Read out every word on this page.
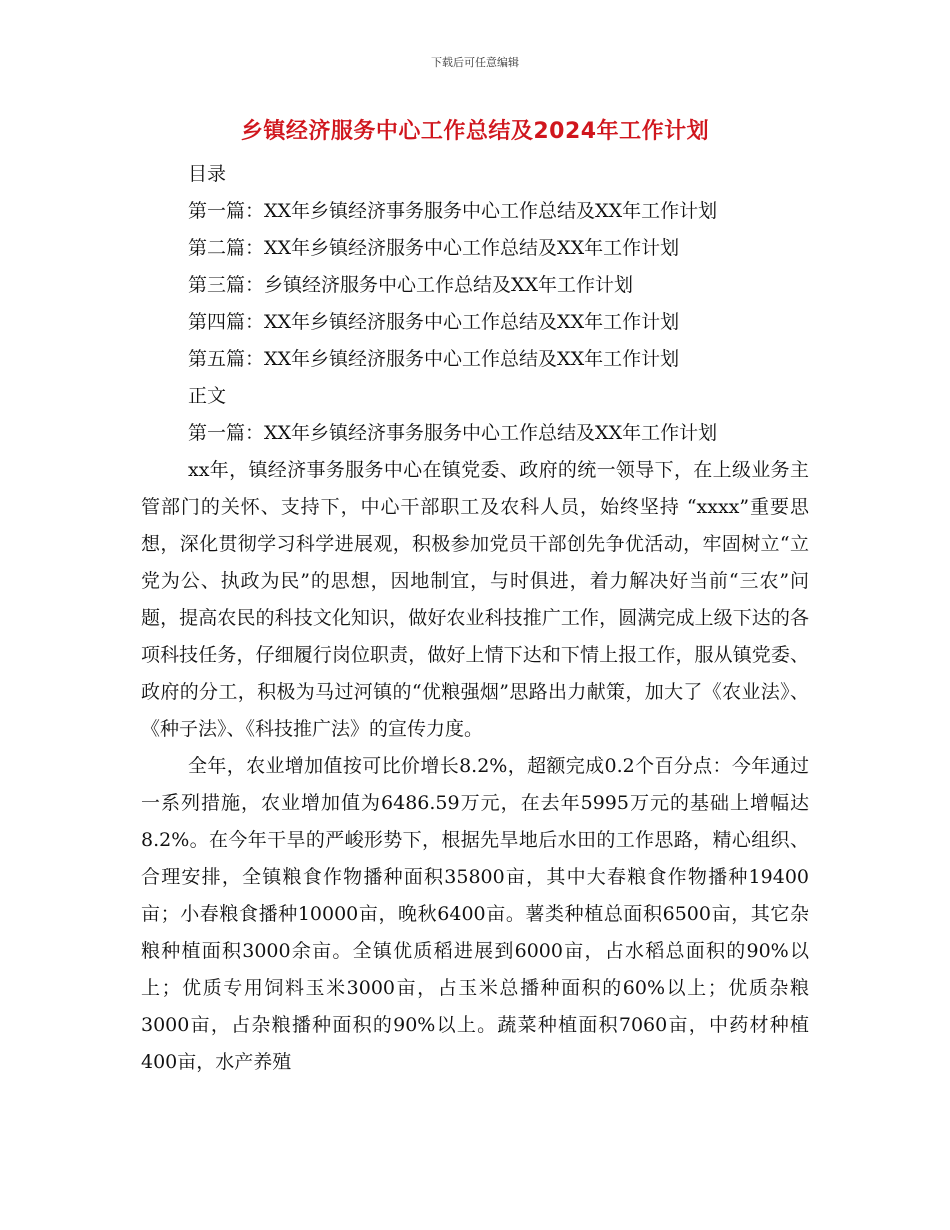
下载后可任意编辑
乡镇经济服务中心工作总结及2024年工作计划
目录
第一篇：XX年乡镇经济事务服务中心工作总结及XX年工作计划
第二篇：XX年乡镇经济服务中心工作总结及XX年工作计划
第三篇：乡镇经济服务中心工作总结及XX年工作计划
第四篇：XX年乡镇经济服务中心工作总结及XX年工作计划
第五篇：XX年乡镇经济服务中心工作总结及XX年工作计划
正文
第一篇：XX年乡镇经济事务服务中心工作总结及XX年工作计划

xx年，镇经济事务服务中心在镇党委、政府的统一领导下，在上级业务主管部门的关怀、支持下，中心干部职工及农科人员，始终坚持 “xxxx”重要思想，深化贯彻学习科学进展观，积极参加党员干部创先争优活动，牢固树立“立党为公、执政为民”的思想，因地制宜，与时俱进，着力解决好当前“三农”问题，提高农民的科技文化知识，做好农业科技推广工作，圆满完成上级下达的各项科技任务，仔细履行岗位职责，做好上情下达和下情上报工作，服从镇党委、政府的分工，积极为马过河镇的“优粮强烟”思路出力献策，加大了《农业法》、《种子法》、《科技推广法》的宣传力度。

全年，农业增加值按可比价增长8.2%，超额完成0.2个百分点：今年通过一系列措施，农业增加值为6486.59万元，在去年5995万元的基础上增幅达8.2%。在今年干旱的严峻形势下，根据先旱地后水田的工作思路，精心组织、合理安排，全镇粮食作物播种面积35800亩，其中大春粮食作物播种19400亩；小春粮食播种10000亩，晚秋6400亩。薯类种植总面积6500亩，其它杂粮种植面积3000余亩。全镇优质稻进展到6000亩，占水稻总面积的90%以上；优质专用饲料玉米3000亩，占玉米总播种面积的60%以上；优质杂粮3000亩，占杂粮播种面积的90%以上。蔬菜种植面积7060亩，中药材种植400亩，水产养殖
